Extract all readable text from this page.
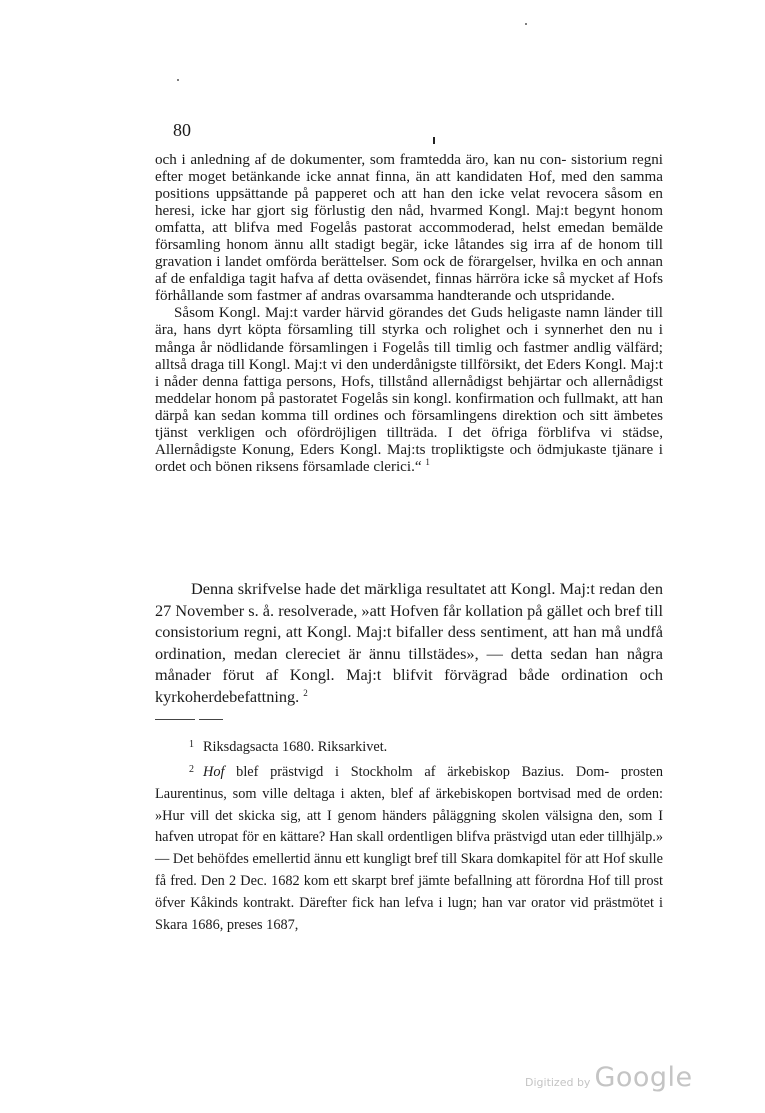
80

och i anledning af de dokumenter, som framtedda äro, kan nu con- sistorium regni efter moget betänkande icke annat finna, än att kandidaten Hof, med den samma positions uppsättande på papperet och att han den icke velat revocera såsom en heresi, icke har gjort sig förlustig den nåd, hvarmed Kongl. Maj:t begynt honom omfatta, att blifva med Fogelås pastorat accommoderad, helst emedan bemälde församling honom ännu allt stadigt begär, icke låtandes sig irra af de honom till gravation i landet omförda berättelser. Som ock de förargelser, hvilka en och annan af de enfaldiga tagit hafva af detta oväsendet, finnas härröra icke så mycket af Hofs förhållande som fastmer af andras ovarsamma handterande och utspridande.

Såsom Kongl. Maj:t varder härvid görandes det Guds heligaste namn länder till ära, hans dyrt köpta församling till styrka och rolighet och i synnerhet den nu i många år nödlidande församlingen i Fogelås till timlig och fastmer andlig välfärd; alltså draga till Kongl. Maj:t vi den underdånigste tillförsikt, det Eders Kongl. Maj:t i nåder denna fattiga persons, Hofs, tillstånd allernådigst behjärtar och allernådigst meddelar honom på pastoratet Fogelås sin kongl. konfirmation och fullmakt, att han därpå kan sedan komma till ordines och församlingens direktion och sitt ämbetes tjänst verkligen och ofördröjligen tillträda. I det öfriga förblifva vi städse, Allernådigste Konung, Eders Kongl. Maj:ts tropliktigste och ödmjukaste tjänare i ordet och bönen riksens församlade clerici.“ $^1$

Denna skrifvelse hade det märkliga resultatet att Kongl. Maj:t redan den 27 November s. å. resolverade, »att Hofven får kollation på gället och bref till consistorium regni, att Kongl. Maj:t bifaller dess sentiment, att han må undfå ordination, medan clereciet är ännu tillstädes», — detta sedan han några månader förut af Kongl. Maj:t blifvit förvägrad både ordination och kyrkoherdebefattning. $^2$

$^1$ Riksdagsacta 1680. Riksarkivet.

$^2$ Hof blef prästvigd i Stockholm af ärkebiskop Bazius. Dom- prosten Laurentinus, som ville deltaga i akten, blef af ärkebiskopen bortvisad med de orden: »Hur vill det skicka sig, att I genom händers påläggning skolen välsigna den, som I hafven utropat för en kättare? Han skall ordentligen blifva prästvigd utan eder tillhjälp.» — Det behöfdes emellertid ännu ett kungligt bref till Skara domkapitel för att Hof skulle få fred. Den 2 Dec. 1682 kom ett skarpt bref jämte befallning att förordna Hof till prost öfver Kåkinds kontrakt. Därefter fick han lefva i lugn; han var orator vid prästmötet i Skara 1686, preses 1687,

Digitized by Google
